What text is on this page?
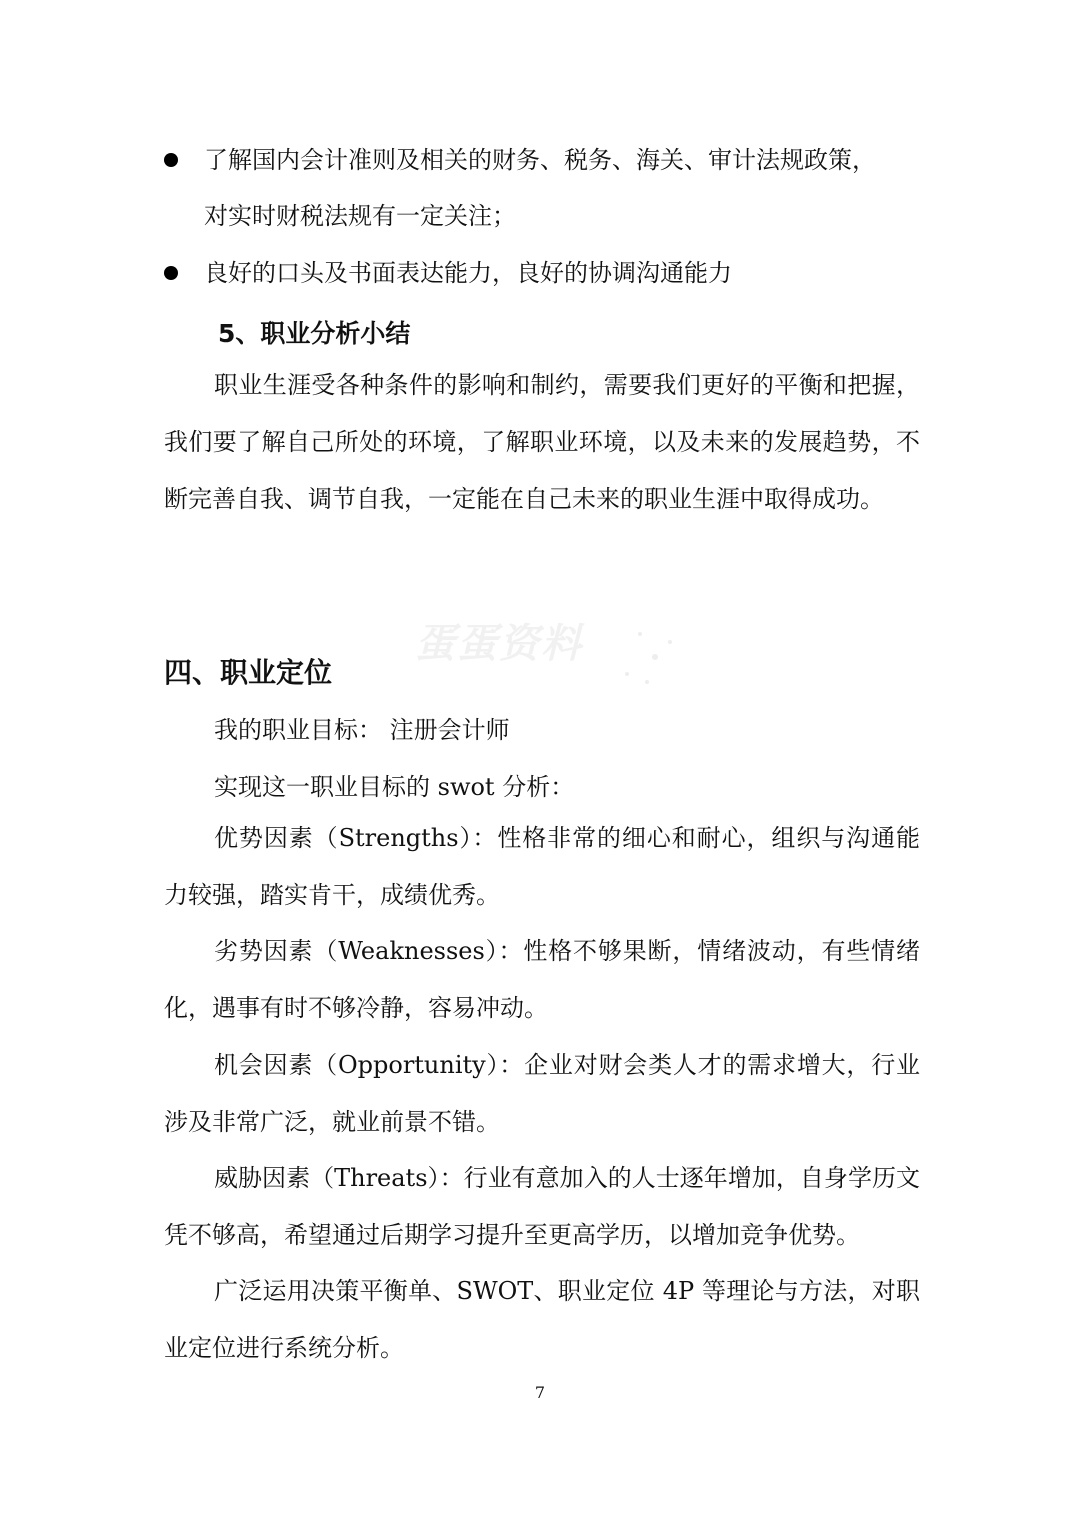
了解国内会计准则及相关的财务、税务、海关、审计法规政策，
对实时财税法规有一定关注；
良好的口头及书面表达能力，良好的协调沟通能力
5、职业分析小结
职业生涯受各种条件的影响和制约，需要我们更好的平衡和把握，我们要了解自己所处的环境，了解职业环境，以及未来的发展趋势，不断完善自我、调节自我，一定能在自己未来的职业生涯中取得成功。
蛋蛋资料
四、职业定位
我的职业目标： 注册会计师
实现这一职业目标的 swot 分析：
优势因素（Strengths）：性格非常的细心和耐心，组织与沟通能力较强，踏实肯干，成绩优秀。
劣势因素（Weaknesses）：性格不够果断，情绪波动，有些情绪化，遇事有时不够冷静，容易冲动。
机会因素（Opportunity）：企业对财会类人才的需求增大，行业涉及非常广泛，就业前景不错。
威胁因素（Threats）：行业有意加入的人士逐年增加，自身学历文凭不够高，希望通过后期学习提升至更高学历，以增加竞争优势。
广泛运用决策平衡单、SWOT、职业定位 4P 等理论与方法，对职业定位进行系统分析。
7
